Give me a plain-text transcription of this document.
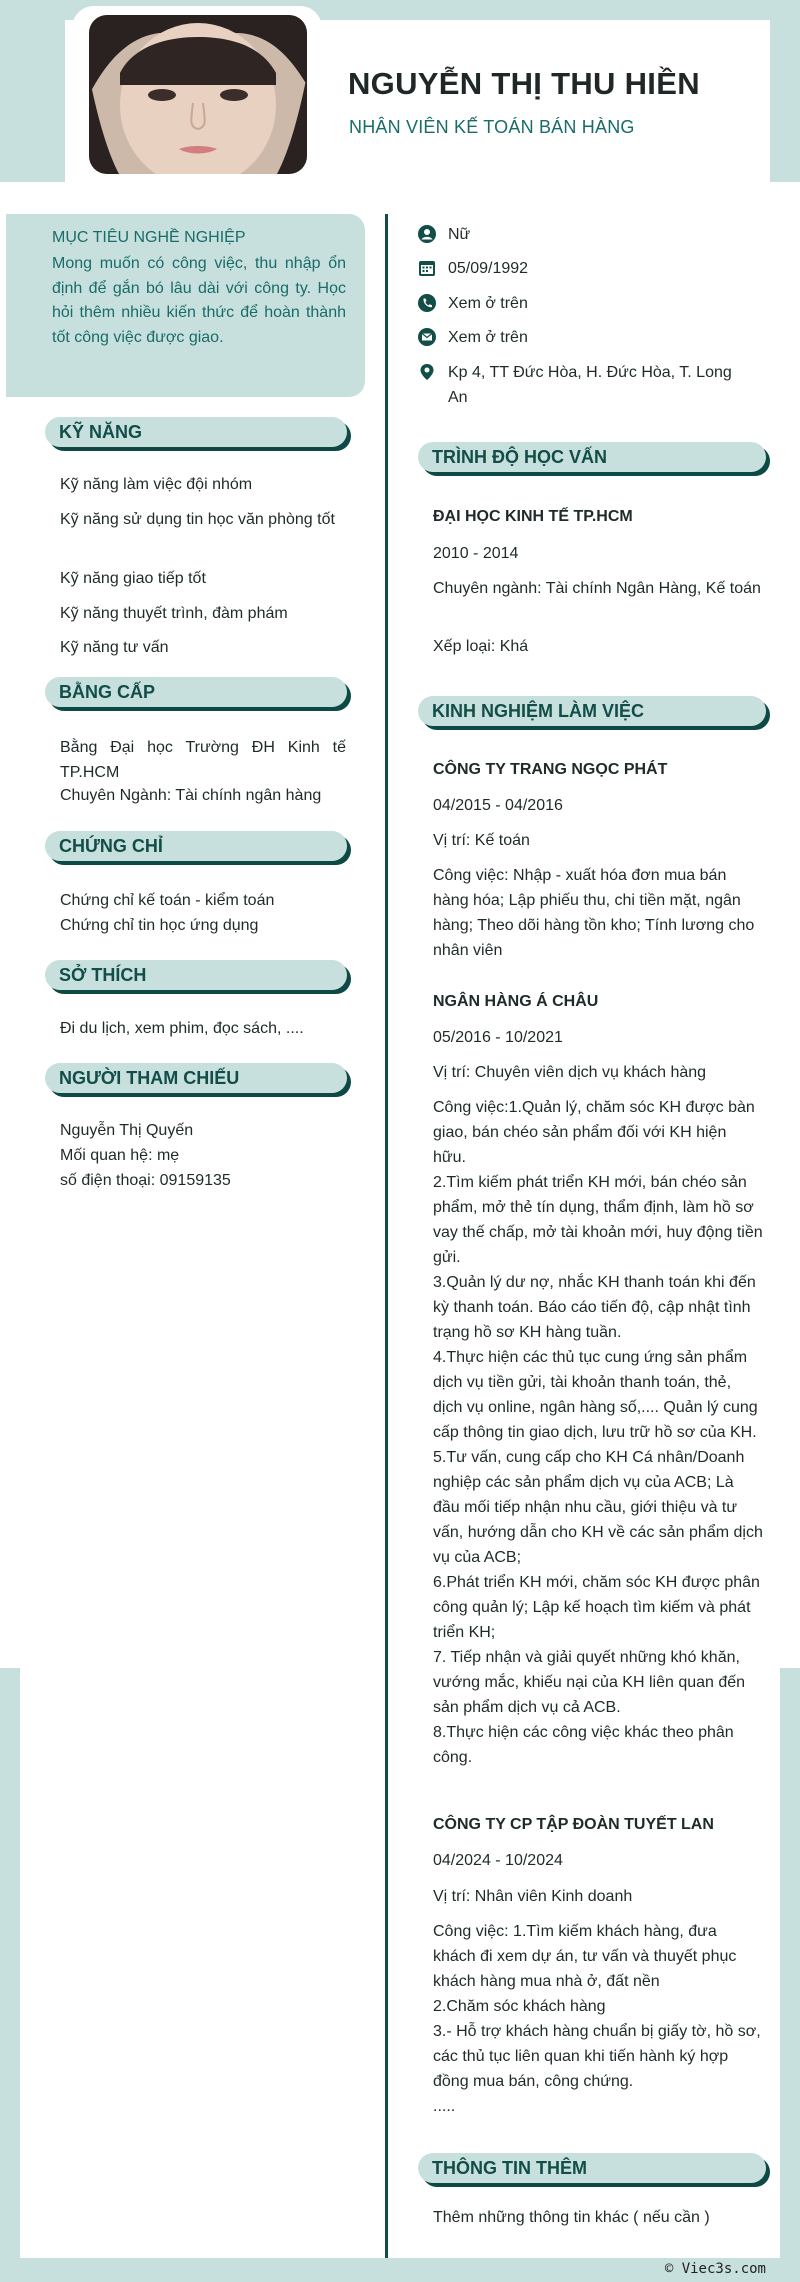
© Viec3s.com
NGUYỄN THỊ THU HIỀN
NHÂN VIÊN KẾ TOÁN BÁN HÀNG
MỤC TIÊU NGHỀ NGHIỆP
Mong muốn có công việc, thu nhập ổn định để gắn bó lâu dài với công ty. Học hỏi thêm nhiều kiến thức để hoàn thành tốt công việc được giao.
KỸ NĂNG
Kỹ năng làm việc đội nhóm
Kỹ năng sử dụng tin học văn phòng tốt
Kỹ năng giao tiếp tốt
Kỹ năng thuyết trình, đàm phám
Kỹ năng tư vấn
BẰNG CẤP
Bằng Đại học Trường ĐH Kinh tế TP.HCM
Chuyên Ngành: Tài chính ngân hàng
CHỨNG CHỈ
Chứng chỉ kế toán - kiểm toán
Chứng chỉ tin học ứng dụng
SỞ THÍCH
Đi du lịch, xem phim, đọc sách, ....
NGƯỜI THAM CHIẾU
Nguyễn Thị Quyến
Mối quan hệ: mẹ
số điện thoại: 09159135
Nữ
05/09/1992
Xem ở trên
Xem ở trên
Kp 4, TT Đức Hòa, H. Đức Hòa, T. Long An
TRÌNH ĐỘ HỌC VẤN
ĐẠI HỌC KINH TẾ TP.HCM
2010 - 2014
Chuyên ngành: Tài chính Ngân Hàng, Kế toán
Xếp loại: Khá
KINH NGHIỆM LÀM VIỆC
CÔNG TY TRANG NGỌC PHÁT
04/2015 - 04/2016
Vị trí: Kế toán
Công việc: Nhập - xuất hóa đơn mua bán hàng hóa; Lập phiếu thu, chi tiền mặt, ngân hàng; Theo dõi hàng tồn kho; Tính lương cho nhân viên
NGÂN HÀNG Á CHÂU
05/2016 - 10/2021
Vị trí: Chuyên viên dịch vụ khách hàng
Công việc:1.Quản lý, chăm sóc KH được bàn giao, bán chéo sản phẩm đối với KH hiện hữu.
2.Tìm kiếm phát triển KH mới, bán chéo sản phẩm, mở thẻ tín dụng, thẩm định, làm hồ sơ vay thế chấp, mở tài khoản mới, huy động tiền gửi.
3.Quản lý dư nợ, nhắc KH thanh toán khi đến kỳ thanh toán. Báo cáo tiến độ, cập nhật tình trạng hồ sơ KH hàng tuần.
4.Thực hiện các thủ tục cung ứng sản phẩm dịch vụ tiền gửi, tài khoản thanh toán, thẻ, dịch vụ online, ngân hàng số,.... Quản lý cung cấp thông tin giao dịch, lưu trữ hồ sơ của KH.
5.Tư vấn, cung cấp cho KH Cá nhân/Doanh nghiệp các sản phẩm dịch vụ của ACB; Là đầu mối tiếp nhận nhu cầu, giới thiệu và tư vấn, hướng dẫn cho KH về các sản phẩm dịch vụ của ACB;
6.Phát triển KH mới, chăm sóc KH được phân công quản lý; Lập kế hoạch tìm kiếm và phát triển KH;
7. Tiếp nhận và giải quyết những khó khăn, vướng mắc, khiếu nại của KH liên quan đến sản phẩm dịch vụ cả ACB.
8.Thực hiện các công việc khác theo phân công.
CÔNG TY CP TẬP ĐOÀN TUYẾT LAN
04/2024 - 10/2024
Vị trí: Nhân viên Kinh doanh
Công việc: 1.Tìm kiếm khách hàng, đưa khách đi xem dự án, tư vấn và thuyết phục khách hàng mua nhà ở, đất nền
2.Chăm sóc khách hàng
3.- Hỗ trợ khách hàng chuẩn bị giấy tờ, hồ sơ, các thủ tục liên quan khi tiến hành ký hợp đồng mua bán, công chứng.
.....
THÔNG TIN THÊM
Thêm những thông tin khác ( nếu cần )
